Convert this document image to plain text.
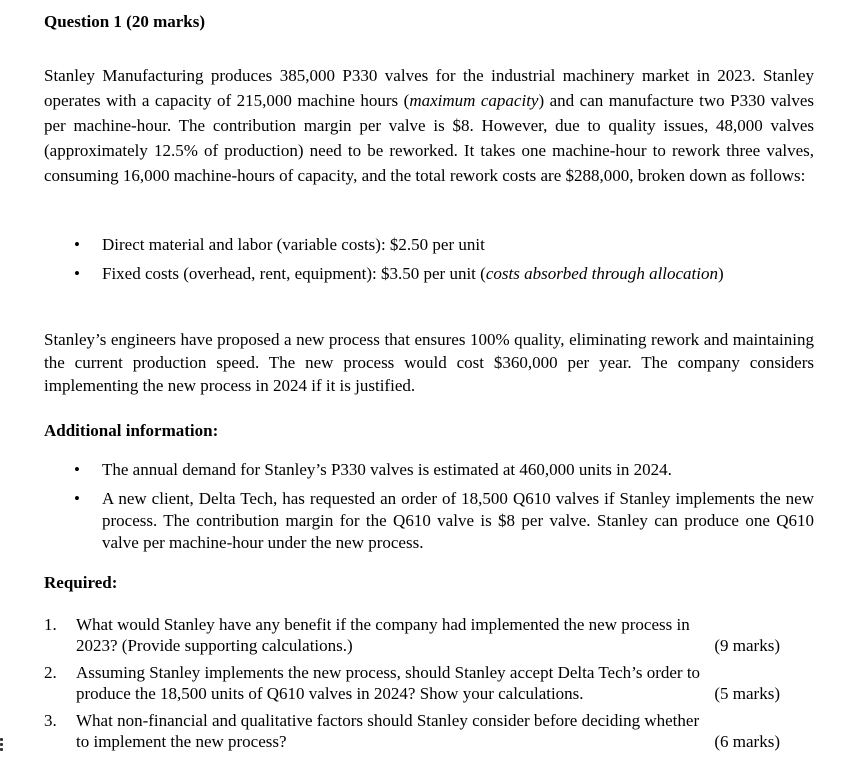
Question 1 (20 marks)

Stanley Manufacturing produces 385,000 P330 valves for the industrial machinery market in 2023. Stanley operates with a capacity of 215,000 machine hours (maximum capacity) and can manufacture two P330 valves per machine-hour. The contribution margin per valve is $8. However, due to quality issues, 48,000 valves (approximately 12.5% of production) need to be reworked. It takes one machine-hour to rework three valves, consuming 16,000 machine-hours of capacity, and the total rework costs are $288,000, broken down as follows:

• Direct material and labor (variable costs): $2.50 per unit
• Fixed costs (overhead, rent, equipment): $3.50 per unit (costs absorbed through allocation)

Stanley’s engineers have proposed a new process that ensures 100% quality, eliminating rework and maintaining the current production speed. The new process would cost $360,000 per year. The company considers implementing the new process in 2024 if it is justified.

Additional information:
• The annual demand for Stanley’s P330 valves is estimated at 460,000 units in 2024.
• A new client, Delta Tech, has requested an order of 18,500 Q610 valves if Stanley implements the new process. The contribution margin for the Q610 valve is $8 per valve. Stanley can produce one Q610 valve per machine-hour under the new process.
Required:
1. What would Stanley have any benefit if the company had implemented the new process in
2023? (Provide supporting calculations.)	(9 marks)
2. Assuming Stanley implements the new process, should Stanley accept Delta Tech’s order to
produce the 18,500 units of Q610 valves in 2024? Show your calculations.	(5 marks)
3. What non-financial and qualitative factors should Stanley consider before deciding whether
to implement the new process?	(6 marks)
